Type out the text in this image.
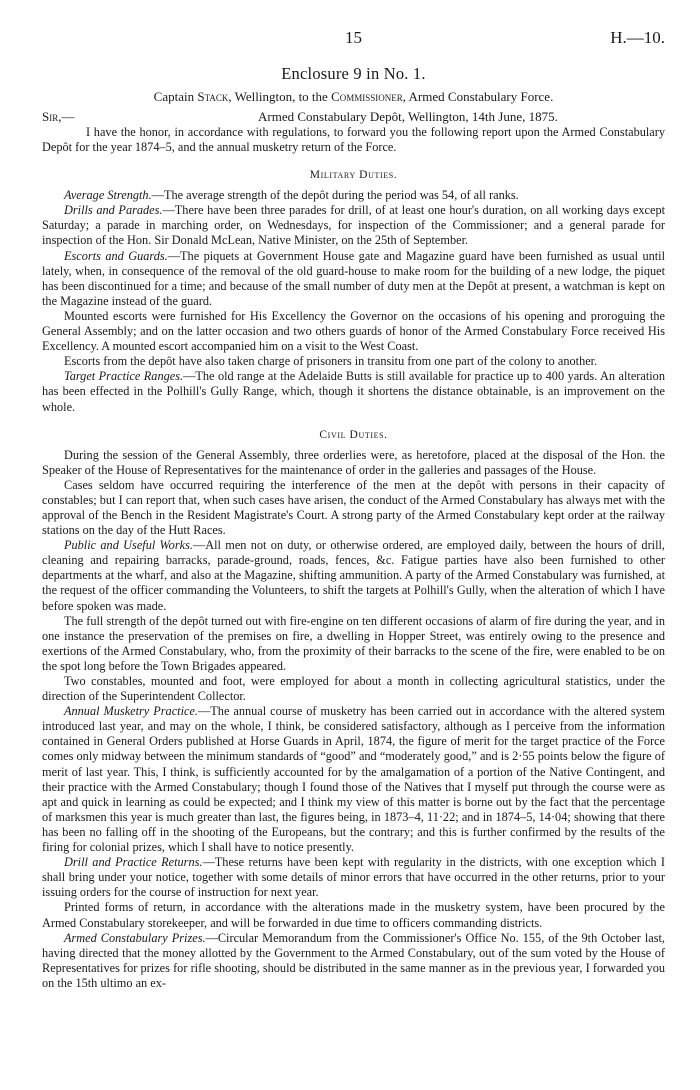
15	H.—10.
Enclosure 9 in No. 1.
Captain Stack, Wellington, to the Commissioner, Armed Constabulary Force.
Sir,—	Armed Constabulary Depôt, Wellington, 14th June, 1875.

I have the honor, in accordance with regulations, to forward you the following report upon the Armed Constabulary Depôt for the year 1874–5, and the annual musketry return of the Force.

Military Duties.

Average Strength.—The average strength of the depôt during the period was 54, of all ranks.

Drills and Parades.—There have been three parades for drill, of at least one hour's duration, on all working days except Saturday; a parade in marching order, on Wednesdays, for inspection of the Commissioner; and a general parade for inspection of the Hon. Sir Donald McLean, Native Minister, on the 25th of September.

Escorts and Guards.—The piquets at Government House gate and Magazine guard have been furnished as usual until lately, when, in consequence of the removal of the old guard-house to make room for the building of a new lodge, the piquet has been discontinued for a time; and because of the small number of duty men at the Depôt at present, a watchman is kept on the Magazine instead of the guard.

Mounted escorts were furnished for His Excellency the Governor on the occasions of his opening and proroguing the General Assembly; and on the latter occasion and two others guards of honor of the Armed Constabulary Force received His Excellency. A mounted escort accompanied him on a visit to the West Coast.

Escorts from the depôt have also taken charge of prisoners in transitu from one part of the colony to another.

Target Practice Ranges.—The old range at the Adelaide Butts is still available for practice up to 400 yards. An alteration has been effected in the Polhill's Gully Range, which, though it shortens the distance obtainable, is an improvement on the whole.

Civil Duties.

During the session of the General Assembly, three orderlies were, as heretofore, placed at the disposal of the Hon. the Speaker of the House of Representatives for the maintenance of order in the galleries and passages of the House.

Cases seldom have occurred requiring the interference of the men at the depôt with persons in their capacity of constables; but I can report that, when such cases have arisen, the conduct of the Armed Constabulary has always met with the approval of the Bench in the Resident Magistrate's Court. A strong party of the Armed Constabulary kept order at the railway stations on the day of the Hutt Races.

Public and Useful Works.—All men not on duty, or otherwise ordered, are employed daily, between the hours of drill, cleaning and repairing barracks, parade-ground, roads, fences, &c. Fatigue parties have also been furnished to other departments at the wharf, and also at the Magazine, shifting ammunition. A party of the Armed Constabulary was furnished, at the request of the officer commanding the Volunteers, to shift the targets at Polhill's Gully, when the alteration of which I have before spoken was made.

The full strength of the depôt turned out with fire-engine on ten different occasions of alarm of fire during the year, and in one instance the preservation of the premises on fire, a dwelling in Hopper Street, was entirely owing to the presence and exertions of the Armed Constabulary, who, from the proximity of their barracks to the scene of the fire, were enabled to be on the spot long before the Town Brigades appeared.

Two constables, mounted and foot, were employed for about a month in collecting agricultural statistics, under the direction of the Superintendent Collector.

Annual Musketry Practice.—The annual course of musketry has been carried out in accordance with the altered system introduced last year, and may on the whole, I think, be considered satisfactory, although as I perceive from the information contained in General Orders published at Horse Guards in April, 1874, the figure of merit for the target practice of the Force comes only midway between the minimum standards of “good” and “moderately good,” and is 2·55 points below the figure of merit of last year. This, I think, is sufficiently accounted for by the amalgamation of a portion of the Native Contingent, and their practice with the Armed Constabulary; though I found those of the Natives that I myself put through the course were as apt and quick in learning as could be expected; and I think my view of this matter is borne out by the fact that the percentage of marksmen this year is much greater than last, the figures being, in 1873–4, 11·22; and in 1874–5, 14·04; showing that there has been no falling off in the shooting of the Europeans, but the contrary; and this is further confirmed by the results of the firing for colonial prizes, which I shall have to notice presently.

Drill and Practice Returns.—These returns have been kept with regularity in the districts, with one exception which I shall bring under your notice, together with some details of minor errors that have occurred in the other returns, prior to your issuing orders for the course of instruction for next year.

Printed forms of return, in accordance with the alterations made in the musketry system, have been procured by the Armed Constabulary storekeeper, and will be forwarded in due time to officers commanding districts.

Armed Constabulary Prizes.—Circular Memorandum from the Commissioner's Office No. 155, of the 9th October last, having directed that the money allotted by the Government to the Armed Constabulary, out of the sum voted by the House of Representatives for prizes for rifle shooting, should be distributed in the same manner as in the previous year, I forwarded you on the 15th ultimo an ex-
